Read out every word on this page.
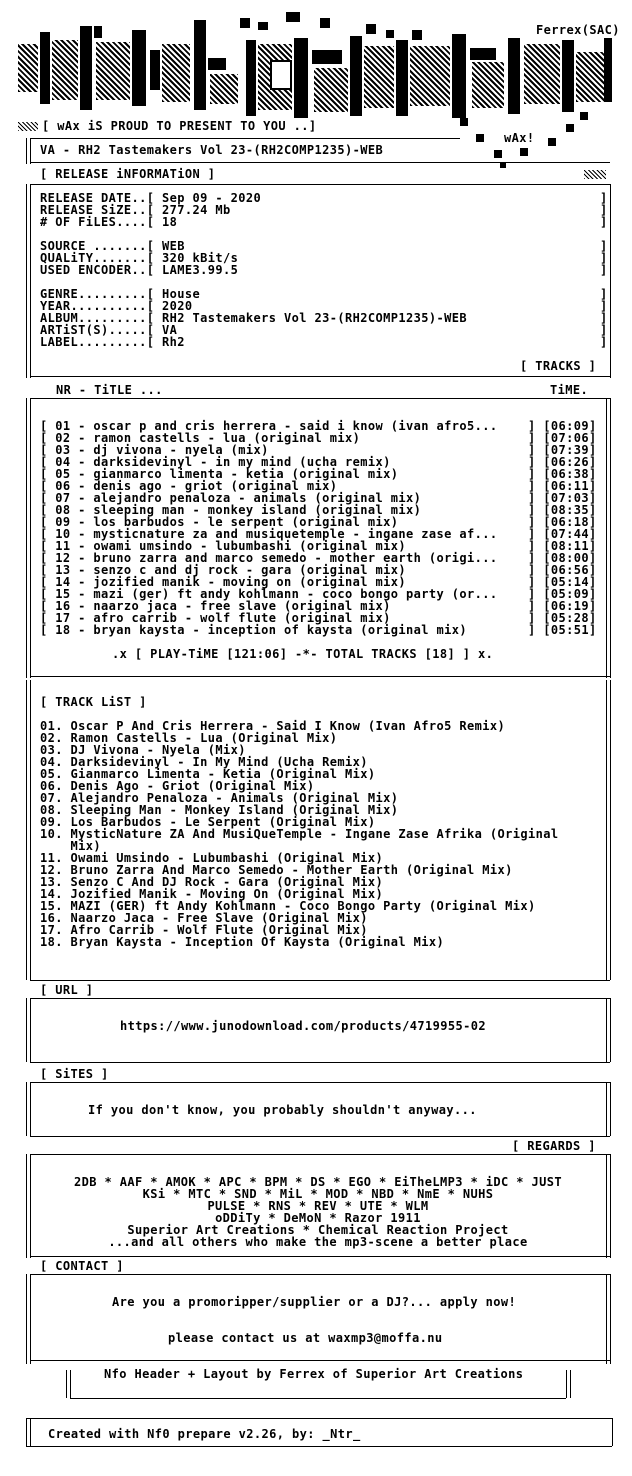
Ferrex(SAC)
[ wAx iS PROUD TO PRESENT TO YOU ..]
wAx!
VA - RH2 Tastemakers Vol 23-(RH2COMP1235)-WEB
[ RELEASE iNFORMATiON ]
RELEASE DATE..[ Sep 09 - 2020
RELEASE SiZE..[ 277.24 Mb
# OF FiLES....[ 18
SOURCE .......[ WEB
QUALiTY.......[ 320 kBit/s
USED ENCODER..[ LAME3.99.5
GENRE.........[ House
YEAR..........[ 2020
ALBUM.........[ RH2 Tastemakers Vol 23-(RH2COMP1235)-WEB
ARTiST(S).....[ VA
LABEL.........[ Rh2
]
]
]
]
]
]
]
]
]
]
]
[ TRACKS ]
NR - TiTLE ...	TiME.
[ 01 - oscar p and cris herrera - said i know (ivan afro5...	] [06:09]
[ 02 - ramon castells - lua (original mix)	] [07:06]
[ 03 - dj vivona - nyela (mix)	] [07:39]
[ 04 - darksidevinyl - in my mind (ucha remix)	] [06:26]
[ 05 - gianmarco limenta - ketia (original mix)	] [06:38]
[ 06 - denis ago - griot (original mix)	] [06:11]
[ 07 - alejandro penaloza - animals (original mix)	] [07:03]
[ 08 - sleeping man - monkey island (original mix)	] [08:35]
[ 09 - los barbudos - le serpent (original mix)	] [06:18]
[ 10 - mysticnature za and musiquetemple - ingane zase af...	] [07:44]
[ 11 - owami umsindo - lubumbashi (original mix)	] [08:11]
[ 12 - bruno zarra and marco semedo - mother earth (origi...	] [08:00]
[ 13 - senzo c and dj rock - gara (original mix)	] [06:56]
[ 14 - jozified manik - moving on (original mix)	] [05:14]
[ 15 - mazi (ger) ft andy kohlmann - coco bongo party (or...	] [05:09]
[ 16 - naarzo jaca - free slave (original mix)	] [06:19]
[ 17 - afro carrib - wolf flute (original mix)	] [05:28]
[ 18 - bryan kaysta - inception of kaysta (original mix)	] [05:51]
.x [ PLAY-TiME [121:06] -*- TOTAL TRACKS [18] ] x.
[ TRACK LiST ]
01. Oscar P And Cris Herrera - Said I Know (Ivan Afro5 Remix)
02. Ramon Castells - Lua (Original Mix)
03. DJ Vivona - Nyela (Mix)
04. Darksidevinyl - In My Mind (Ucha Remix)
05. Gianmarco Limenta - Ketia (Original Mix)
06. Denis Ago - Griot (Original Mix)
07. Alejandro Penaloza - Animals (Original Mix)
08. Sleeping Man - Monkey Island (Original Mix)
09. Los Barbudos - Le Serpent (Original Mix)
10. MysticNature ZA And MusiQueTemple - Ingane Zase Afrika (Original
Mix)
11. Owami Umsindo - Lubumbashi (Original Mix)
12. Bruno Zarra And Marco Semedo - Mother Earth (Original Mix)
13. Senzo C And DJ Rock - Gara (Original Mix)
14. Jozified Manik - Moving On (Original Mix)
15. MAZI (GER) ft Andy Kohlmann - Coco Bongo Party (Original Mix)
16. Naarzo Jaca - Free Slave (Original Mix)
17. Afro Carrib - Wolf Flute (Original Mix)
18. Bryan Kaysta - Inception Of Kaysta (Original Mix)
[ URL ]
https://www.junodownload.com/products/4719955-02
[ SiTES ]
If you don't know, you probably shouldn't anyway...
[ REGARDS ]
2DB * AAF * AMOK * APC * BPM * DS * EGO * EiTheLMP3 * iDC * JUST
KSi * MTC * SND * MiL * MOD * NBD * NmE * NUHS
PULSE * RNS * REV * UTE * WLM
oDDiTy * DeMoN * Razor 1911
Superior Art Creations * Chemical Reaction Project
...and all others who make the mp3-scene a better place
[ CONTACT ]
Are you a promoripper/supplier or a DJ?... apply now!
please contact us at waxmp3@moffa.nu
Nfo Header + Layout by Ferrex of Superior Art Creations
Created with Nf0 prepare v2.26, by: _Ntr_
